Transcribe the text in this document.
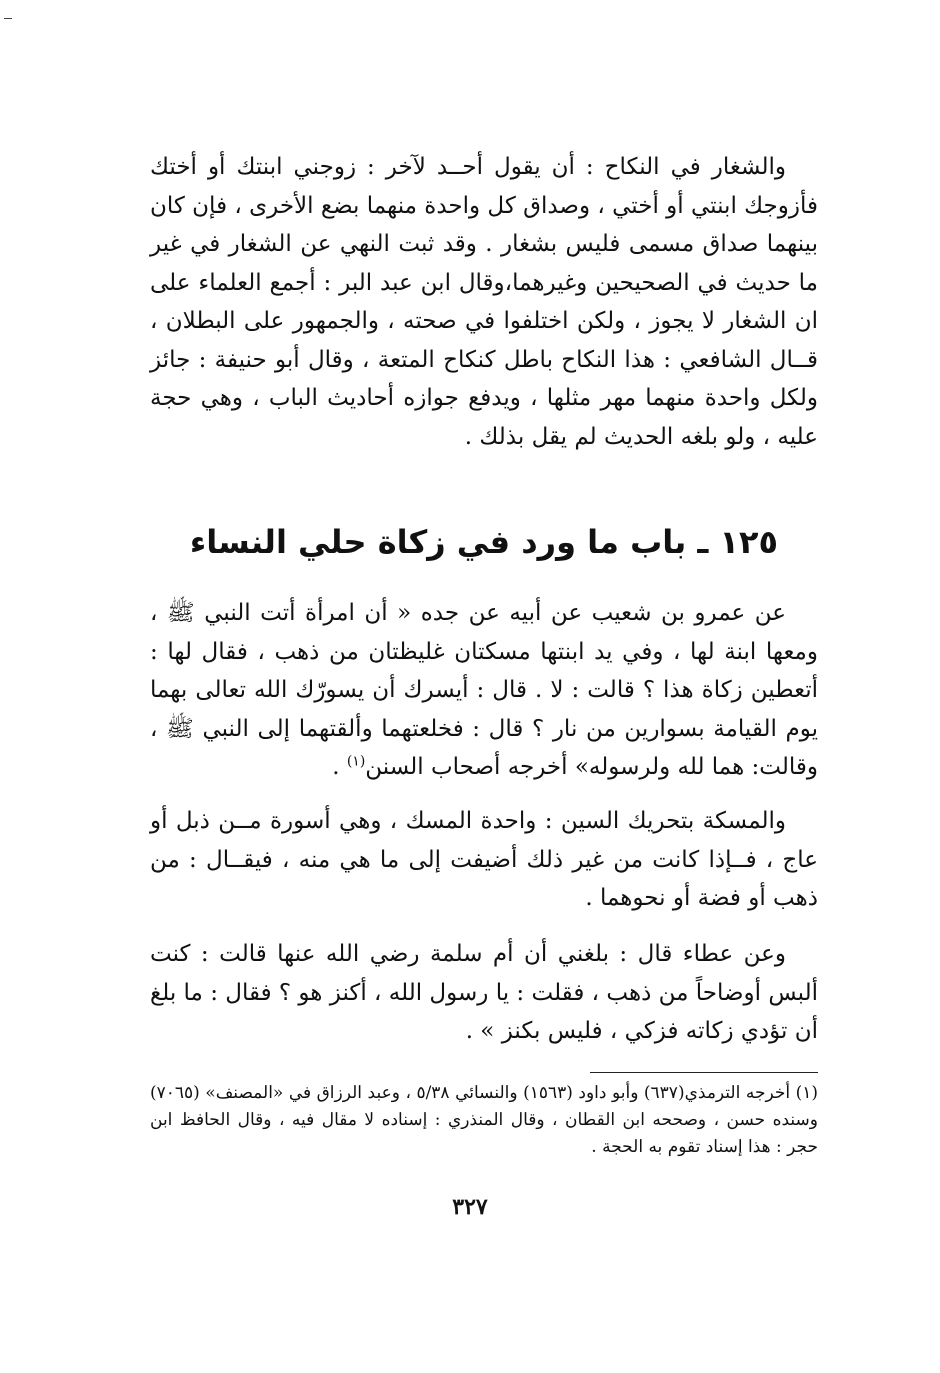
والشغار في النكاح : أن يقول أحــد لآخر : زوجني ابنتك أو أختك فأزوجك ابنتي أو أختي ، وصداق كل واحدة منهما بضع الأخرى ، فإن كان بينهما صداق مسمى فليس بشغار . وقد ثبت النهي عن الشغار في غير ما حديث في الصحيحين وغيرهما،وقال ابن عبد البر : أجمع العلماء على ان الشغار لا يجوز ، ولكن اختلفوا في صحته ، والجمهور على البطلان ، قــال الشافعي : هذا النكاح باطل كنكاح المتعة ، وقال أبو حنيفة : جائز ولكل واحدة منهما مهر مثلها ، ويدفع جوازه أحاديث الباب ، وهي حجة عليه ، ولو بلغه الحديث لم يقل بذلك .

١٢٥ ـ باب ما ورد في زكاة حلي النساء

عن عمرو بن شعيب عن أبيه عن جده « أن امرأة أتت النبي ﷺ ، ومعها ابنة لها ، وفي يد ابنتها مسكتان غليظتان من ذهب ، فقال لها : أتعطين زكاة هذا ؟ قالت : لا . قال : أيسرك أن يسورّك الله تعالى بهما يوم القيامة بسوارين من نار ؟ قال : فخلعتهما وألقتهما إلى النبي ﷺ ، وقالت: هما لله ولرسوله» أخرجه أصحاب السنن$^{(١)}$ .

والمسكة بتحريك السين : واحدة المسك ، وهي أسورة مــن ذبل أو عاج ، فــإذا كانت من غير ذلك أضيفت إلى ما هي منه ، فيقــال : من ذهب أو فضة أو نحوهما .

وعن عطاء قال : بلغني أن أم سلمة رضي الله عنها قالت : كنت ألبس أوضاحاً من ذهب ، فقلت : يا رسول الله ، أكنز هو ؟ فقال : ما بلغ أن تؤدي زكاته فزكي ، فليس بكنز » .

(١) أخرجه الترمذي(٦٣٧) وأبو داود (١٥٦٣) والنسائي ٥/٣٨ ، وعبد الرزاق في «المصنف» (٧٠٦٥) وسنده حسن ، وصححه ابن القطان ، وقال المنذري : إسناده لا مقال فيه ، وقال الحافظ ابن حجر : هذا إسناد تقوم به الحجة .

٣٢٧
